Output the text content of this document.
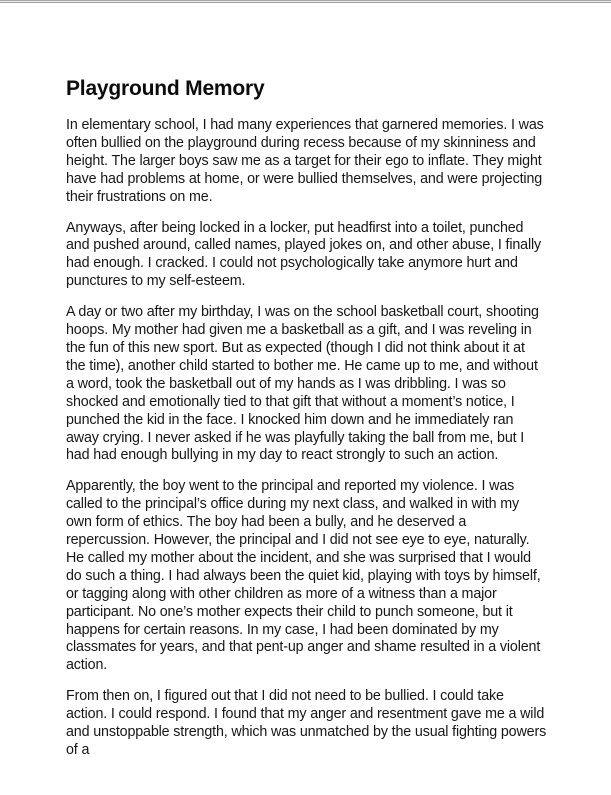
Playground Memory

In elementary school, I had many experiences that garnered memories. I was often bullied on the playground during recess because of my skinniness and height. The larger boys saw me as a target for their ego to inflate. They might have had problems at home, or were bullied themselves, and were projecting their frustrations on me.

Anyways, after being locked in a locker, put headfirst into a toilet, punched and pushed around, called names, played jokes on, and other abuse, I finally had enough. I cracked. I could not psychologically take anymore hurt and punctures to my self-esteem.

A day or two after my birthday, I was on the school basketball court, shooting hoops. My mother had given me a basketball as a gift, and I was reveling in the fun of this new sport. But as expected (though I did not think about it at the time), another child started to bother me. He came up to me, and without a word, took the basketball out of my hands as I was dribbling. I was so shocked and emotionally tied to that gift that without a moment’s notice, I punched the kid in the face. I knocked him down and he immediately ran away crying. I never asked if he was playfully taking the ball from me, but I had had enough bullying in my day to react strongly to such an action.

Apparently, the boy went to the principal and reported my violence. I was called to the principal’s office during my next class, and walked in with my own form of ethics. The boy had been a bully, and he deserved a repercussion. However, the principal and I did not see eye to eye, naturally. He called my mother about the incident, and she was surprised that I would do such a thing. I had always been the quiet kid, playing with toys by himself, or tagging along with other children as more of a witness than a major participant. No one’s mother expects their child to punch someone, but it happens for certain reasons. In my case, I had been dominated by my classmates for years, and that pent-up anger and shame resulted in a violent action.

From then on, I figured out that I did not need to be bullied. I could take action. I could respond. I found that my anger and resentment gave me a wild and unstoppable strength, which was unmatched by the usual fighting powers of a
